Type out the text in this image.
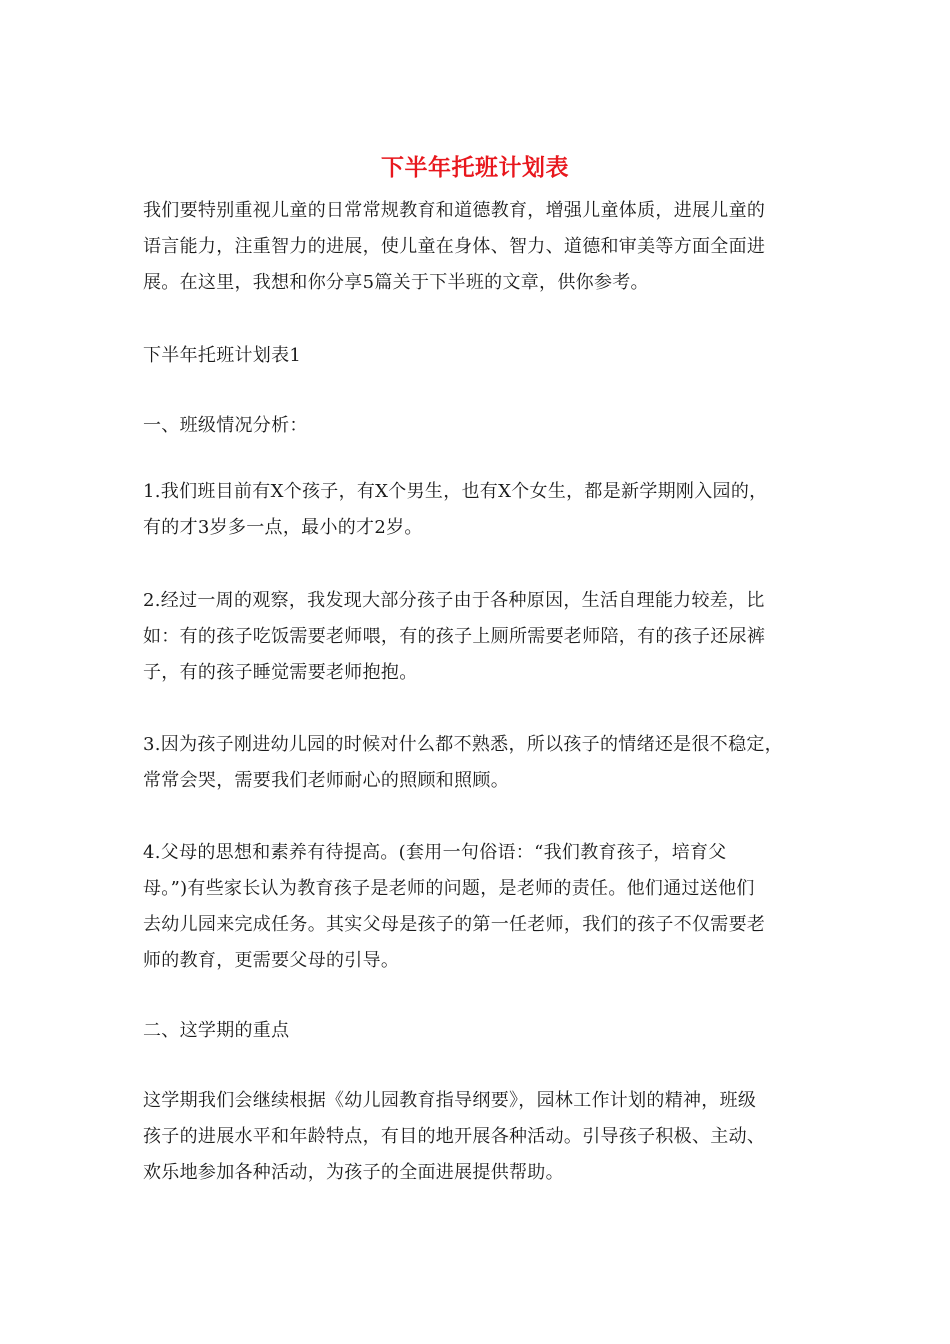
下半年托班计划表
我们要特别重视儿童的日常常规教育和道德教育，增强儿童体质，进展儿童的
语言能力，注重智力的进展，使儿童在身体、智力、道德和审美等方面全面进
展。在这里，我想和你分享5篇关于下半班的文章，供你参考。
下半年托班计划表1
一、班级情况分析：
1.我们班目前有X个孩子，有X个男生，也有X个女生，都是新学期刚入园的，
有的才3岁多一点，最小的才2岁。
2.经过一周的观察，我发现大部分孩子由于各种原因，生活自理能力较差，比
如：有的孩子吃饭需要老师喂，有的孩子上厕所需要老师陪，有的孩子还尿裤
子，有的孩子睡觉需要老师抱抱。
3.因为孩子刚进幼儿园的时候对什么都不熟悉，所以孩子的情绪还是很不稳定，
常常会哭，需要我们老师耐心的照顾和照顾。
4.父母的思想和素养有待提高。(套用一句俗语：“我们教育孩子，培育父
母。”)有些家长认为教育孩子是老师的问题，是老师的责任。他们通过送他们
去幼儿园来完成任务。其实父母是孩子的第一任老师，我们的孩子不仅需要老
师的教育，更需要父母的引导。
二、这学期的重点
这学期我们会继续根据《幼儿园教育指导纲要》，园林工作计划的精神，班级
孩子的进展水平和年龄特点，有目的地开展各种活动。引导孩子积极、主动、
欢乐地参加各种活动，为孩子的全面进展提供帮助。
